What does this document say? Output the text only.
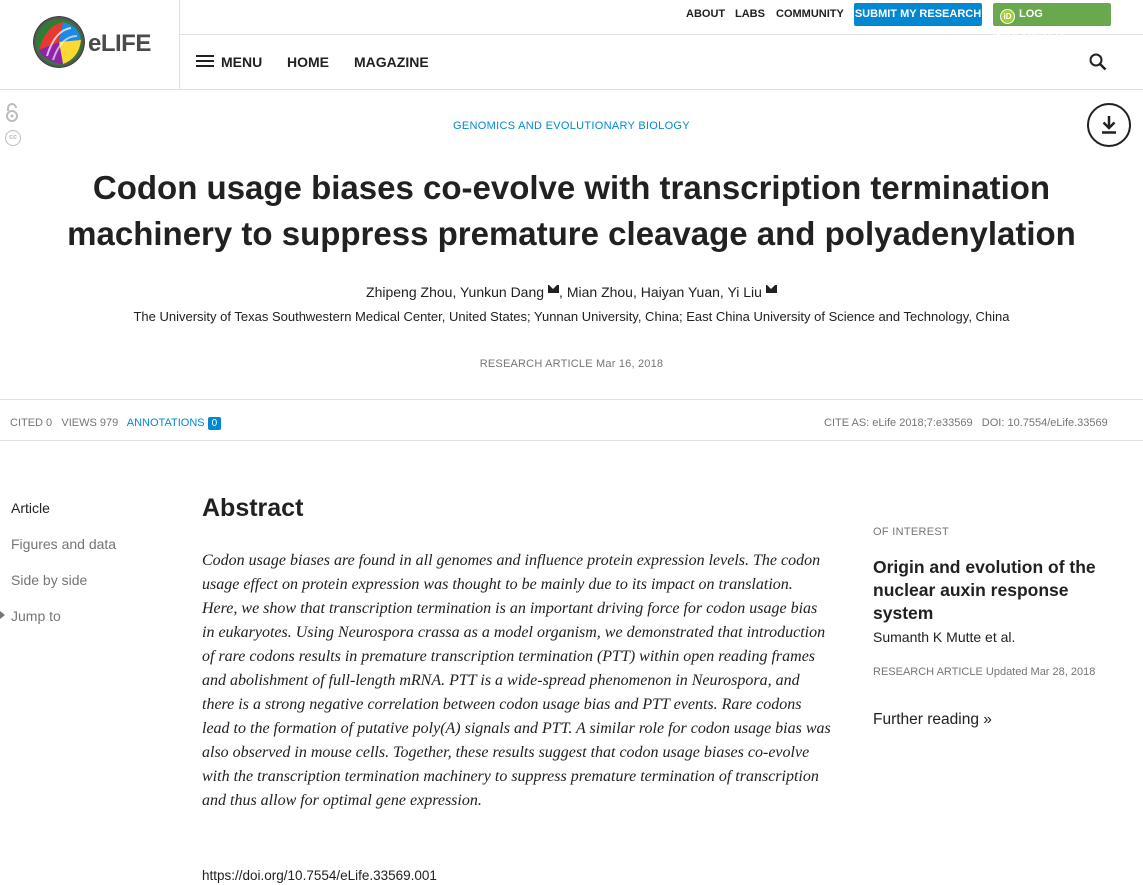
eLIFE
ABOUT LABS COMMUNITY SUBMIT MY RESEARCH	iD LOG IN/REGISTER
MENU HOME MAGAZINE
cc
GENOMICS AND EVOLUTIONARY BIOLOGY
Codon usage biases co-evolve with transcription termination machinery to suppress premature cleavage and polyadenylation
Zhipeng Zhou, Yunkun Dang , Mian Zhou, Haiyan Yuan, Yi Liu
The University of Texas Southwestern Medical Center, United States; Yunnan University, China; East China University of Science and Technology, China
RESEARCH ARTICLE Mar 16, 2018
CITED 0 VIEWS 979 ANNOTATIONS 0	CITE AS: eLife 2018;7:e33569 DOI: 10.7554/eLife.33569
Article
Figures and data
Side by side
Jump to
Abstract

Codon usage biases are found in all genomes and influence protein expression levels. The codon usage effect on protein expression was thought to be mainly due to its impact on translation. Here, we show that transcription termination is an important driving force for codon usage bias in eukaryotes. Using Neurospora crassa as a model organism, we demonstrated that introduction of rare codons results in premature transcription termination (PTT) within open reading frames and abolishment of full-length mRNA. PTT is a wide-spread phenomenon in Neurospora, and there is a strong negative correlation between codon usage bias and PTT events. Rare codons lead to the formation of putative poly(A) signals and PTT. A similar role for codon usage bias was also observed in mouse cells. Together, these results suggest that codon usage biases co-evolve with the transcription termination machinery to suppress premature termination of transcription and thus allow for optimal gene expression.

https://doi.org/10.7554/eLife.33569.001
OF INTEREST
Origin and evolution of the nuclear auxin response system
Sumanth K Mutte et al.
RESEARCH ARTICLE Updated Mar 28, 2018
Further reading »
